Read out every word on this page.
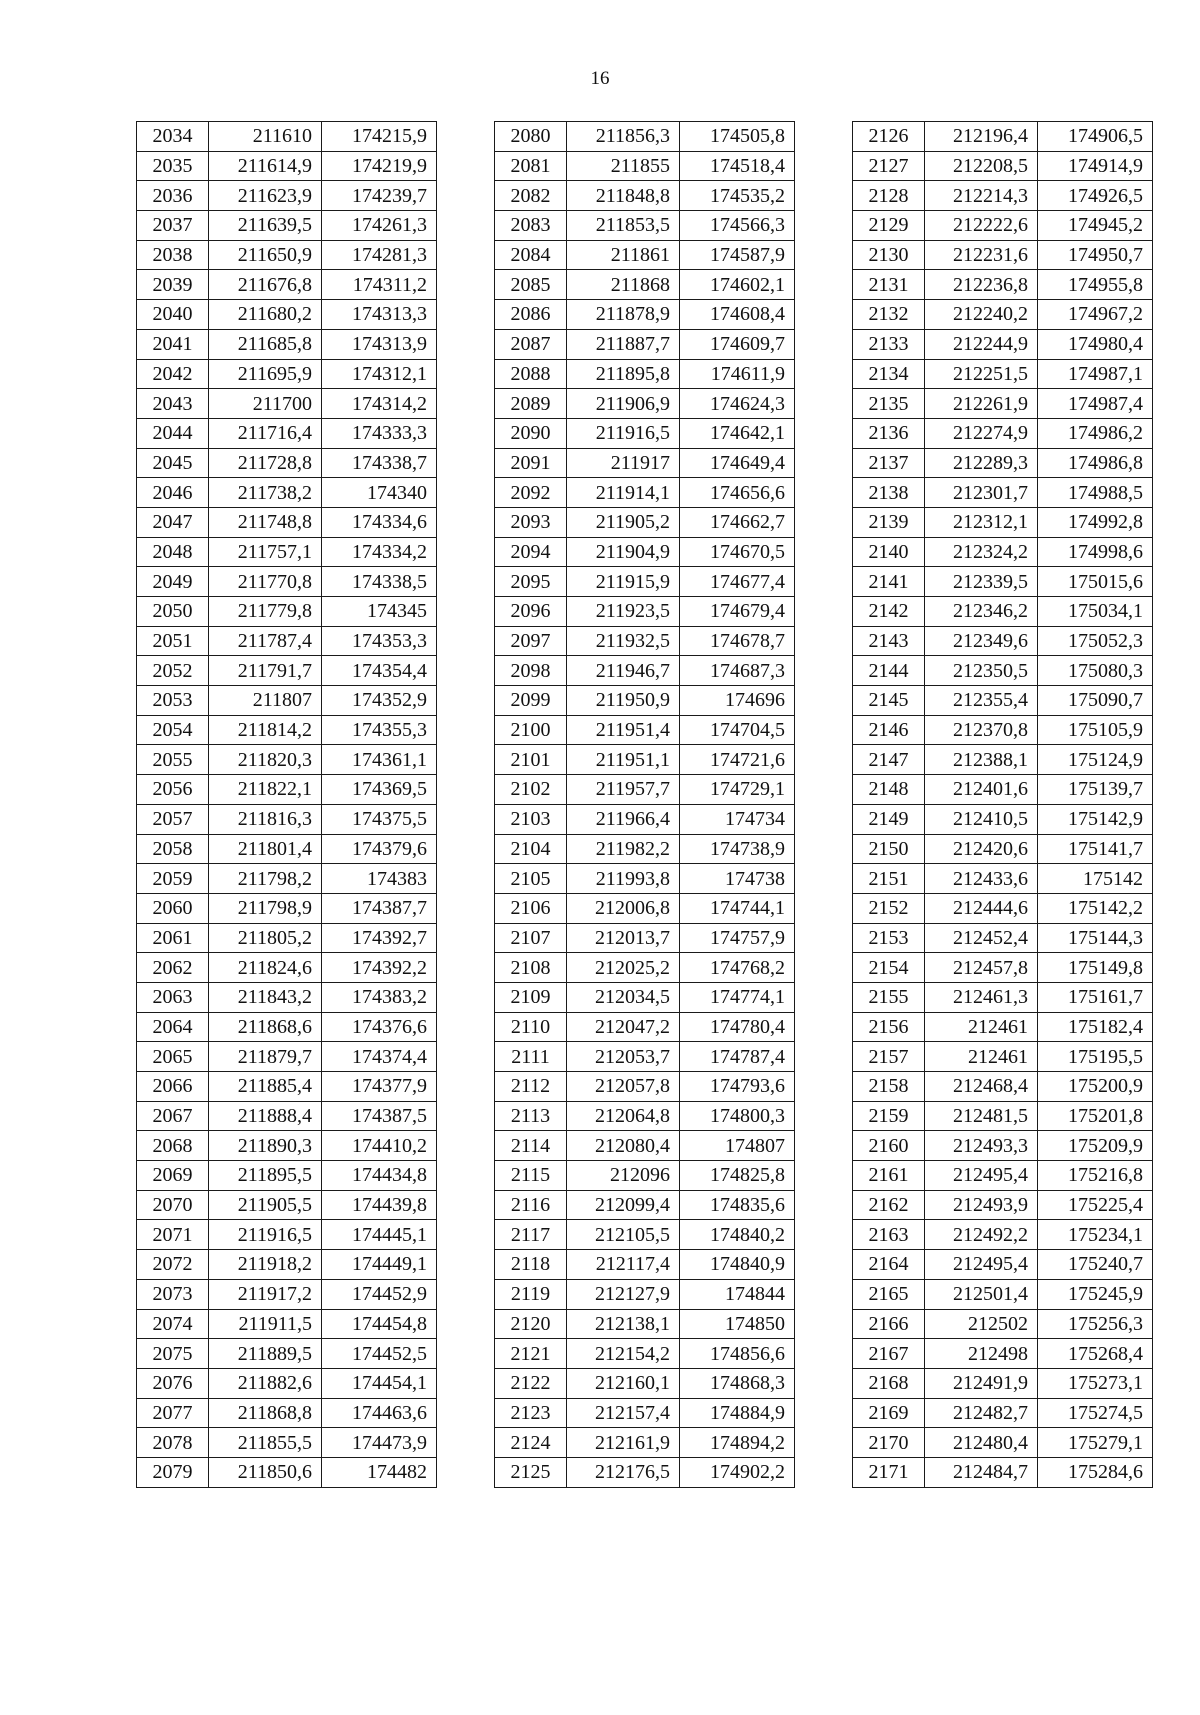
16
2034	211610	174215,9
2035	211614,9	174219,9
2036	211623,9	174239,7
2037	211639,5	174261,3
2038	211650,9	174281,3
2039	211676,8	174311,2
2040	211680,2	174313,3
2041	211685,8	174313,9
2042	211695,9	174312,1
2043	211700	174314,2
2044	211716,4	174333,3
2045	211728,8	174338,7
2046	211738,2	174340
2047	211748,8	174334,6
2048	211757,1	174334,2
2049	211770,8	174338,5
2050	211779,8	174345
2051	211787,4	174353,3
2052	211791,7	174354,4
2053	211807	174352,9
2054	211814,2	174355,3
2055	211820,3	174361,1
2056	211822,1	174369,5
2057	211816,3	174375,5
2058	211801,4	174379,6
2059	211798,2	174383
2060	211798,9	174387,7
2061	211805,2	174392,7
2062	211824,6	174392,2
2063	211843,2	174383,2
2064	211868,6	174376,6
2065	211879,7	174374,4
2066	211885,4	174377,9
2067	211888,4	174387,5
2068	211890,3	174410,2
2069	211895,5	174434,8
2070	211905,5	174439,8
2071	211916,5	174445,1
2072	211918,2	174449,1
2073	211917,2	174452,9
2074	211911,5	174454,8
2075	211889,5	174452,5
2076	211882,6	174454,1
2077	211868,8	174463,6
2078	211855,5	174473,9
2079	211850,6	174482
2080	211856,3	174505,8
2081	211855	174518,4
2082	211848,8	174535,2
2083	211853,5	174566,3
2084	211861	174587,9
2085	211868	174602,1
2086	211878,9	174608,4
2087	211887,7	174609,7
2088	211895,8	174611,9
2089	211906,9	174624,3
2090	211916,5	174642,1
2091	211917	174649,4
2092	211914,1	174656,6
2093	211905,2	174662,7
2094	211904,9	174670,5
2095	211915,9	174677,4
2096	211923,5	174679,4
2097	211932,5	174678,7
2098	211946,7	174687,3
2099	211950,9	174696
2100	211951,4	174704,5
2101	211951,1	174721,6
2102	211957,7	174729,1
2103	211966,4	174734
2104	211982,2	174738,9
2105	211993,8	174738
2106	212006,8	174744,1
2107	212013,7	174757,9
2108	212025,2	174768,2
2109	212034,5	174774,1
2110	212047,2	174780,4
2111	212053,7	174787,4
2112	212057,8	174793,6
2113	212064,8	174800,3
2114	212080,4	174807
2115	212096	174825,8
2116	212099,4	174835,6
2117	212105,5	174840,2
2118	212117,4	174840,9
2119	212127,9	174844
2120	212138,1	174850
2121	212154,2	174856,6
2122	212160,1	174868,3
2123	212157,4	174884,9
2124	212161,9	174894,2
2125	212176,5	174902,2
2126	212196,4	174906,5
2127	212208,5	174914,9
2128	212214,3	174926,5
2129	212222,6	174945,2
2130	212231,6	174950,7
2131	212236,8	174955,8
2132	212240,2	174967,2
2133	212244,9	174980,4
2134	212251,5	174987,1
2135	212261,9	174987,4
2136	212274,9	174986,2
2137	212289,3	174986,8
2138	212301,7	174988,5
2139	212312,1	174992,8
2140	212324,2	174998,6
2141	212339,5	175015,6
2142	212346,2	175034,1
2143	212349,6	175052,3
2144	212350,5	175080,3
2145	212355,4	175090,7
2146	212370,8	175105,9
2147	212388,1	175124,9
2148	212401,6	175139,7
2149	212410,5	175142,9
2150	212420,6	175141,7
2151	212433,6	175142
2152	212444,6	175142,2
2153	212452,4	175144,3
2154	212457,8	175149,8
2155	212461,3	175161,7
2156	212461	175182,4
2157	212461	175195,5
2158	212468,4	175200,9
2159	212481,5	175201,8
2160	212493,3	175209,9
2161	212495,4	175216,8
2162	212493,9	175225,4
2163	212492,2	175234,1
2164	212495,4	175240,7
2165	212501,4	175245,9
2166	212502	175256,3
2167	212498	175268,4
2168	212491,9	175273,1
2169	212482,7	175274,5
2170	212480,4	175279,1
2171	212484,7	175284,6
